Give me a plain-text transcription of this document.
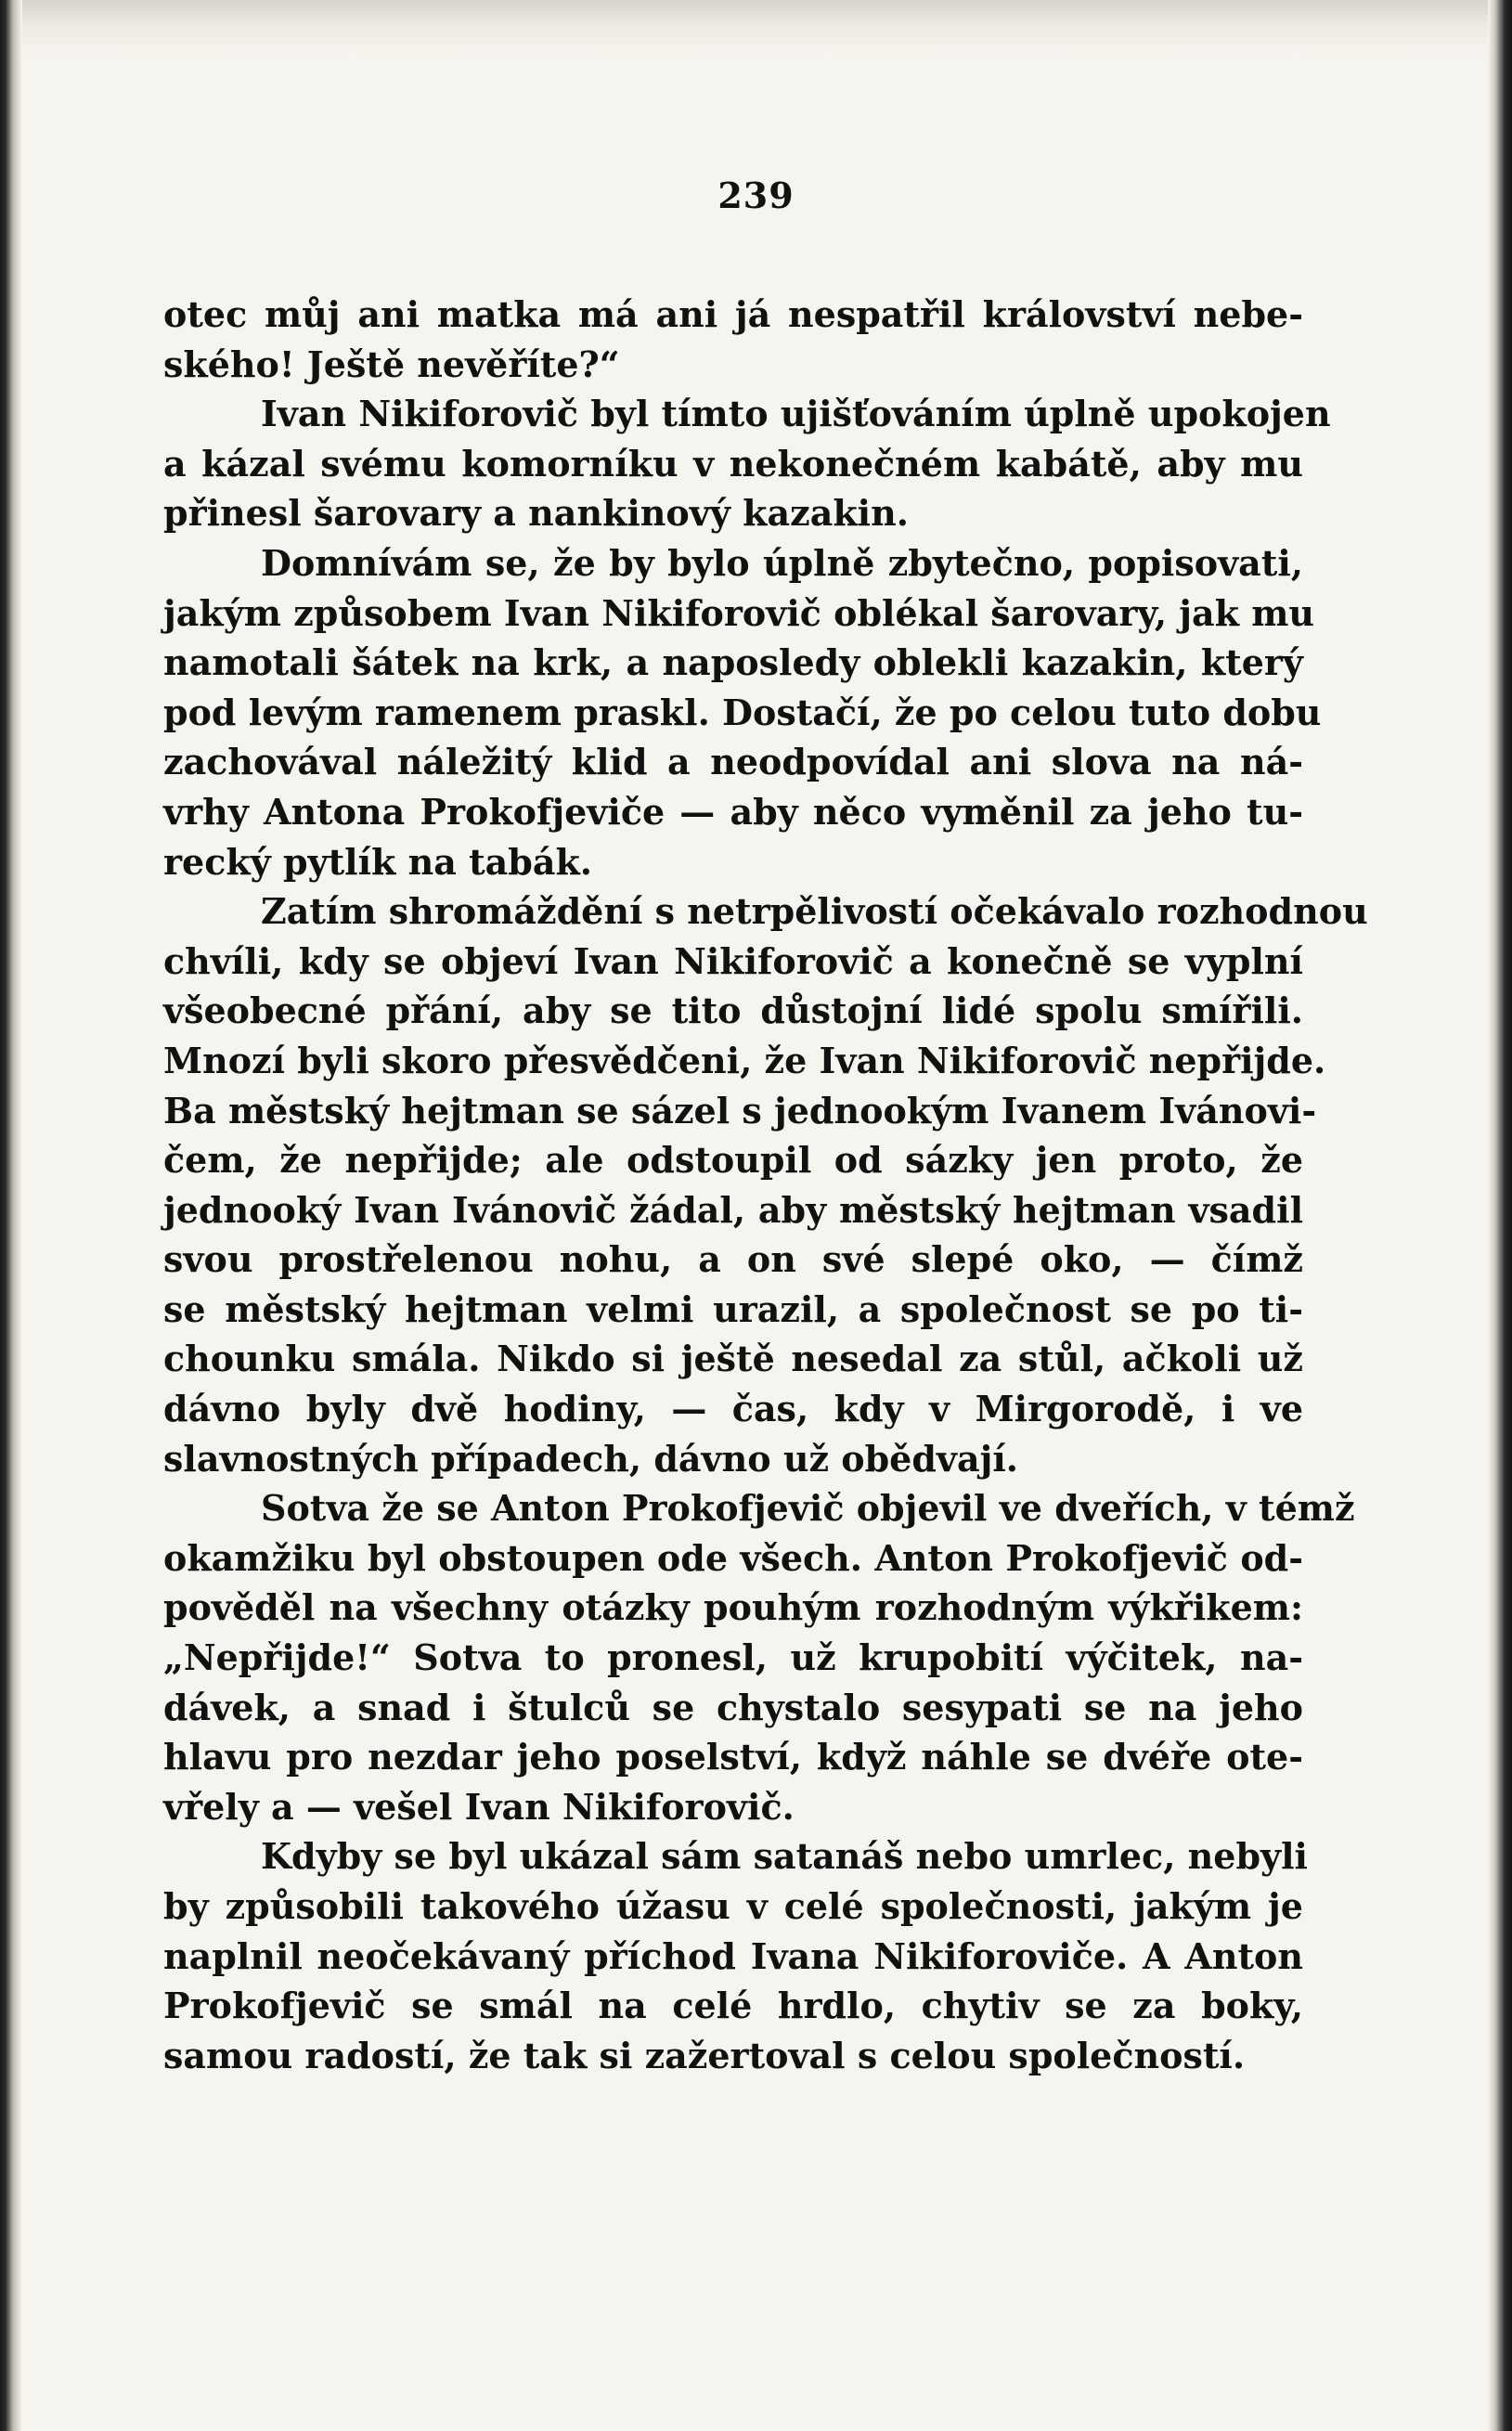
239
otec můj ani matka má ani já nespatřil království nebe-
ského! Ještě nevěříte?“
Ivan Nikiforovič byl tímto ujišťováním úplně upokojen
a kázal svému komorníku v nekonečném kabátě, aby mu
přinesl šarovary a nankinový kazakin.
Domnívám se, že by bylo úplně zbytečno, popisovati,
jakým způsobem Ivan Nikiforovič oblékal šarovary, jak mu
namotali šátek na krk, a naposledy oblekli kazakin, který
pod levým ramenem praskl. Dostačí, že po celou tuto dobu
zachovával náležitý klid a neodpovídal ani slova na ná-
vrhy Antona Prokofjeviče — aby něco vyměnil za jeho tu-
recký pytlík na tabák.
Zatím shromáždění s netrpělivostí očekávalo rozhodnou
chvíli, kdy se objeví Ivan Nikiforovič a konečně se vyplní
všeobecné přání, aby se tito důstojní lidé spolu smířili.
Mnozí byli skoro přesvědčeni, že Ivan Nikiforovič nepřijde.
Ba městský hejtman se sázel s jednookým Ivanem Ivánovi-
čem, že nepřijde; ale odstoupil od sázky jen proto, že
jednooký Ivan Ivánovič žádal, aby městský hejtman vsadil
svou prostřelenou nohu, a on své slepé oko, — čímž
se městský hejtman velmi urazil, a společnost se po ti-
chounku smála. Nikdo si ještě nesedal za stůl, ačkoli už
dávno byly dvě hodiny, — čas, kdy v Mirgorodě, i ve
slavnostných případech, dávno už obědvají.
Sotva že se Anton Prokofjevič objevil ve dveřích, v témž
okamžiku byl obstoupen ode všech. Anton Prokofjevič od-
pověděl na všechny otázky pouhým rozhodným výkřikem:
„Nepřijde!“ Sotva to pronesl, už krupobití výčitek, na-
dávek, a snad i štulců se chystalo sesypati se na jeho
hlavu pro nezdar jeho poselství, když náhle se dvéře ote-
vřely a — vešel Ivan Nikiforovič.
Kdyby se byl ukázal sám satanáš nebo umrlec, nebyli
by způsobili takového úžasu v celé společnosti, jakým je
naplnil neočekávaný příchod Ivana Nikiforoviče. A Anton
Prokofjevič se smál na celé hrdlo, chytiv se za boky,
samou radostí, že tak si zažertoval s celou společností.
